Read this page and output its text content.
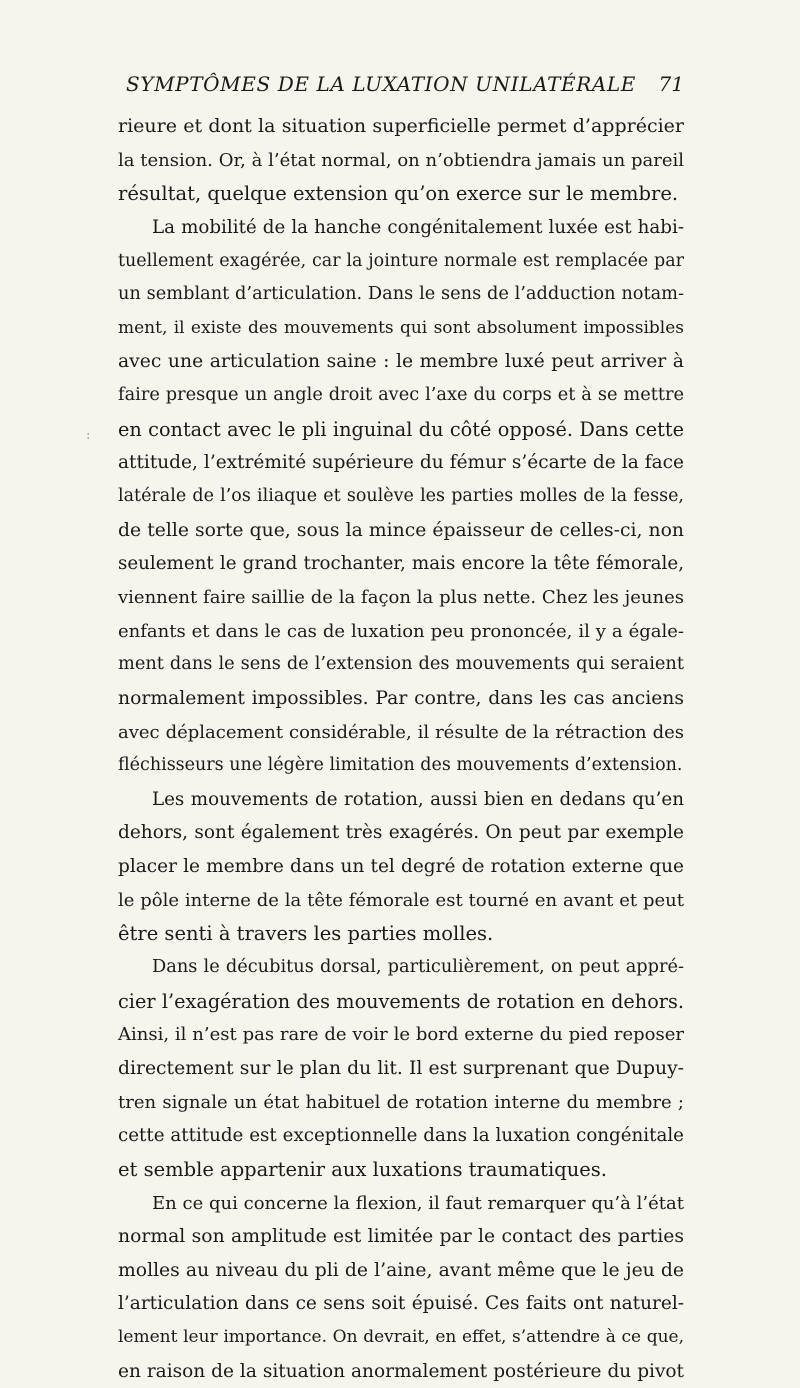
SYMPTÔMES DE LA LUXATION UNILATÉRALE	71
:
rieure et dont la situation superficielle permet d’apprécier
la tension. Or, à l’état normal, on n’obtiendra jamais un pareil
résultat, quelque extension qu’on exerce sur le membre.
La mobilité de la hanche congénitalement luxée est habi-
tuellement exagérée, car la jointure normale est remplacée par
un semblant d’articulation. Dans le sens de l’adduction notam-
ment, il existe des mouvements qui sont absolument impossibles
avec une articulation saine : le membre luxé peut arriver à
faire presque un angle droit avec l’axe du corps et à se mettre
en contact avec le pli inguinal du côté opposé. Dans cette
attitude, l’extrémité supérieure du fémur s’écarte de la face
latérale de l’os iliaque et soulève les parties molles de la fesse,
de telle sorte que, sous la mince épaisseur de celles-ci, non
seulement le grand trochanter, mais encore la tête fémorale,
viennent faire saillie de la façon la plus nette. Chez les jeunes
enfants et dans le cas de luxation peu prononcée, il y a égale-
ment dans le sens de l’extension des mouvements qui seraient
normalement impossibles. Par contre, dans les cas anciens
avec déplacement considérable, il résulte de la rétraction des
fléchisseurs une légère limitation des mouvements d’extension.
Les mouvements de rotation, aussi bien en dedans qu’en
dehors, sont également très exagérés. On peut par exemple
placer le membre dans un tel degré de rotation externe que
le pôle interne de la tête fémorale est tourné en avant et peut
être senti à travers les parties molles.
Dans le décubitus dorsal, particulièrement, on peut appré-
cier l’exagération des mouvements de rotation en dehors.
Ainsi, il n’est pas rare de voir le bord externe du pied reposer
directement sur le plan du lit. Il est surprenant que Dupuy-
tren signale un état habituel de rotation interne du membre ;
cette attitude est exceptionnelle dans la luxation congénitale
et semble appartenir aux luxations traumatiques.
En ce qui concerne la flexion, il faut remarquer qu’à l’état
normal son amplitude est limitée par le contact des parties
molles au niveau du pli de l’aine, avant même que le jeu de
l’articulation dans ce sens soit épuisé. Ces faits ont naturel-
lement leur importance. On devrait, en effet, s’attendre à ce que,
en raison de la situation anormalement postérieure du pivot
